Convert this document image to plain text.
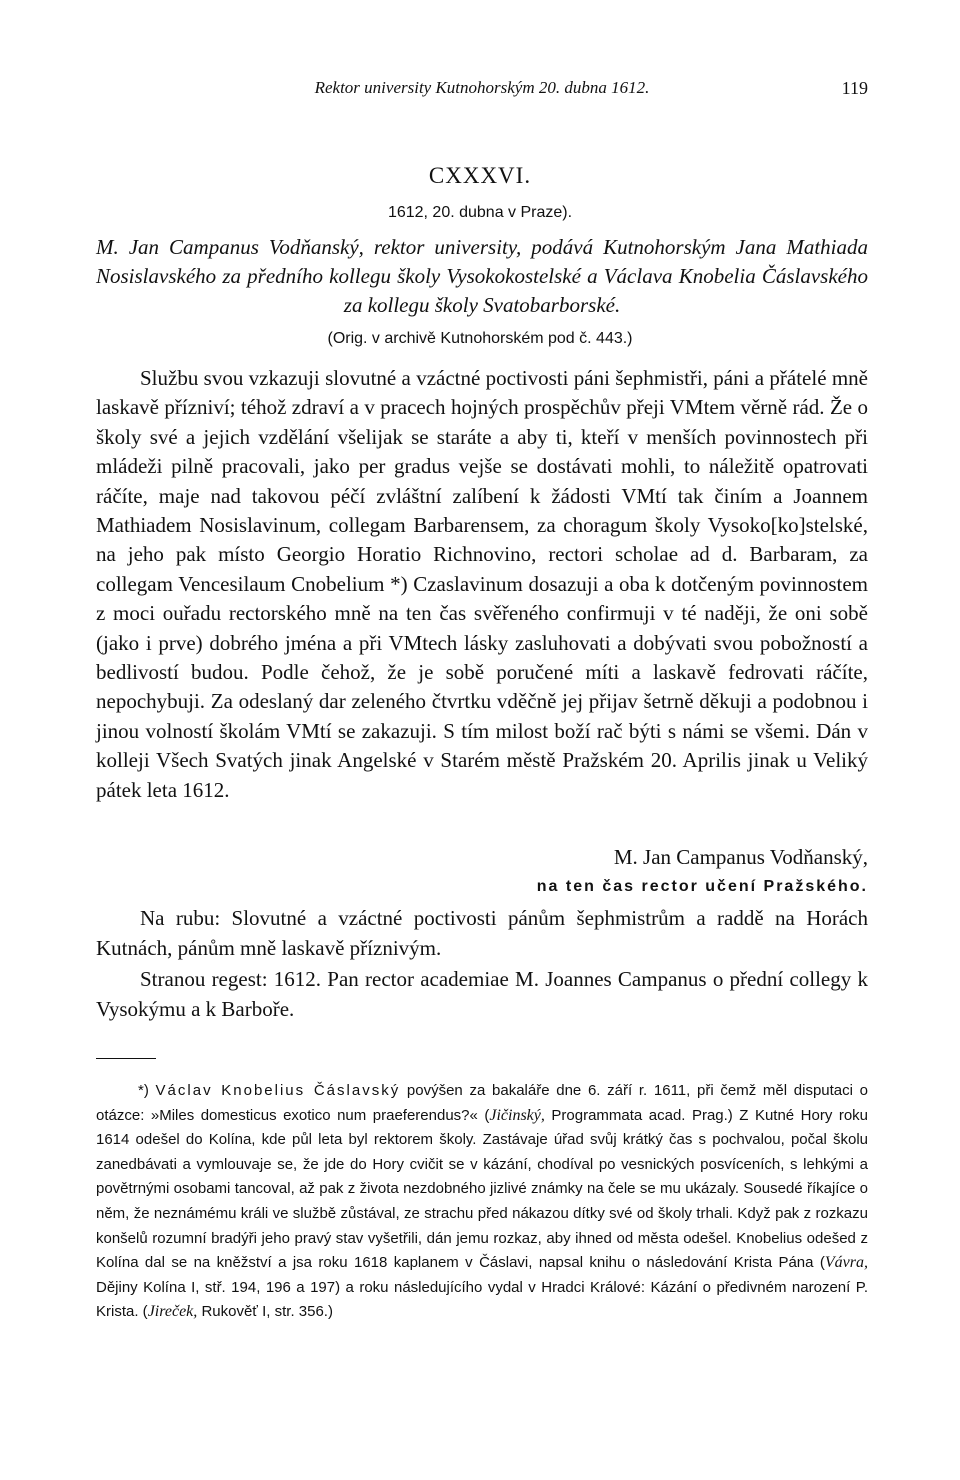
Rektor university Kutnohorským 20. dubna 1612.	119
CXXXVI.
1612, 20. dubna v Praze).
M. Jan Campanus Vodňanský, rektor university, podává Kutnohorským Jana Mathiada Nosislavského za předního kollegu školy Vysokokostelské a Václava Knobelia Čáslavského za kollegu školy Svatobarborské.
(Orig. v archivě Kutnohorském pod č. 443.)

Službu svou vzkazuji slovutné a vzáctné poctivosti páni šephmistři, páni a přátelé mně laskavě přízniví; téhož zdraví a v pracech hojných prospěchův přeji VMtem věrně rád. Že o školy své a jejich vzdělání všelijak se staráte a aby ti, kteří v menších povinnostech při mládeži pilně pracovali, jako per gradus vejše se dostávati mohli, to náležitě opatrovati ráčíte, maje nad takovou péčí zvláštní zalíbení k žádosti VMtí tak činím a Joannem Mathiadem Nosislavinum, collegam Barbarensem, za choragum školy Vysoko[ko]stelské, na jeho pak místo Georgio Horatio Richnovino, rectori scholae ad d. Barbaram, za collegam Vencesilaum Cnobelium *) Czaslavinum dosazuji a oba k dotčeným povinnostem z moci ouřadu rectorského mně na ten čas svěřeného confirmuji v té naději, že oni sobě (jako i prve) dobrého jména a při VMtech lásky zasluhovati a dobývati svou pobožností a bedlivostí budou. Podle čehož, že je sobě poručené míti a laskavě fedrovati ráčíte, nepochybuji. Za odeslaný dar zeleného čtvrtku vděčně jej přijav šetrně děkuji a podobnou i jinou volností školám VMtí se zakazuji. S tím milost boží rač býti s námi se všemi. Dán v kolleji Všech Svatých jinak Angelské v Starém městě Pražském 20. Aprilis jinak u Veliký pátek leta 1612.

M. Jan Campanus Vodňanský,
na ten čas rector učení Pražského.

Na rubu: Slovutné a vzáctné poctivosti pánům šephmistrům a raddě na Horách Kutnách, pánům mně laskavě příznivým.

Stranou regest: 1612. Pan rector academiae M. Joannes Campanus o přední collegy k Vysokýmu a k Barboře.

*) Václav Knobelius Čáslavský povýšen za bakaláře dne 6. září r. 1611, při čemž měl disputaci o otázce: »Miles domesticus exotico num praeferendus?« (Jičinský, Programmata acad. Prag.) Z Kutné Hory roku 1614 odešel do Kolína, kde půl leta byl rektorem školy. Zastávaje úřad svůj krátký čas s pochvalou, počal školu zanedbávati a vymlouvaje se, že jde do Hory cvičit se v kázání, chodíval po vesnických posvíceních, s lehkými a povětrnými osobami tancoval, až pak z života nezdobného jizlivé známky na čele se mu ukázaly. Sousedé říkajíce o něm, že neznámému králi ve službě zůstával, ze strachu před nákazou dítky své od školy trhali. Když pak z rozkazu konšelů rozumní bradýři jeho pravý stav vyšetřili, dán jemu rozkaz, aby ihned od města odešel. Knobelius odešed z Kolína dal se na kněžství a jsa roku 1618 kaplanem v Čáslavi, napsal knihu o následování Krista Pána (Vávra, Dějiny Kolína I, stř. 194, 196 a 197) a roku následujícího vydal v Hradci Králové: Kázání o předivném narození P. Krista. (Jireček, Rukověť I, str. 356.)
